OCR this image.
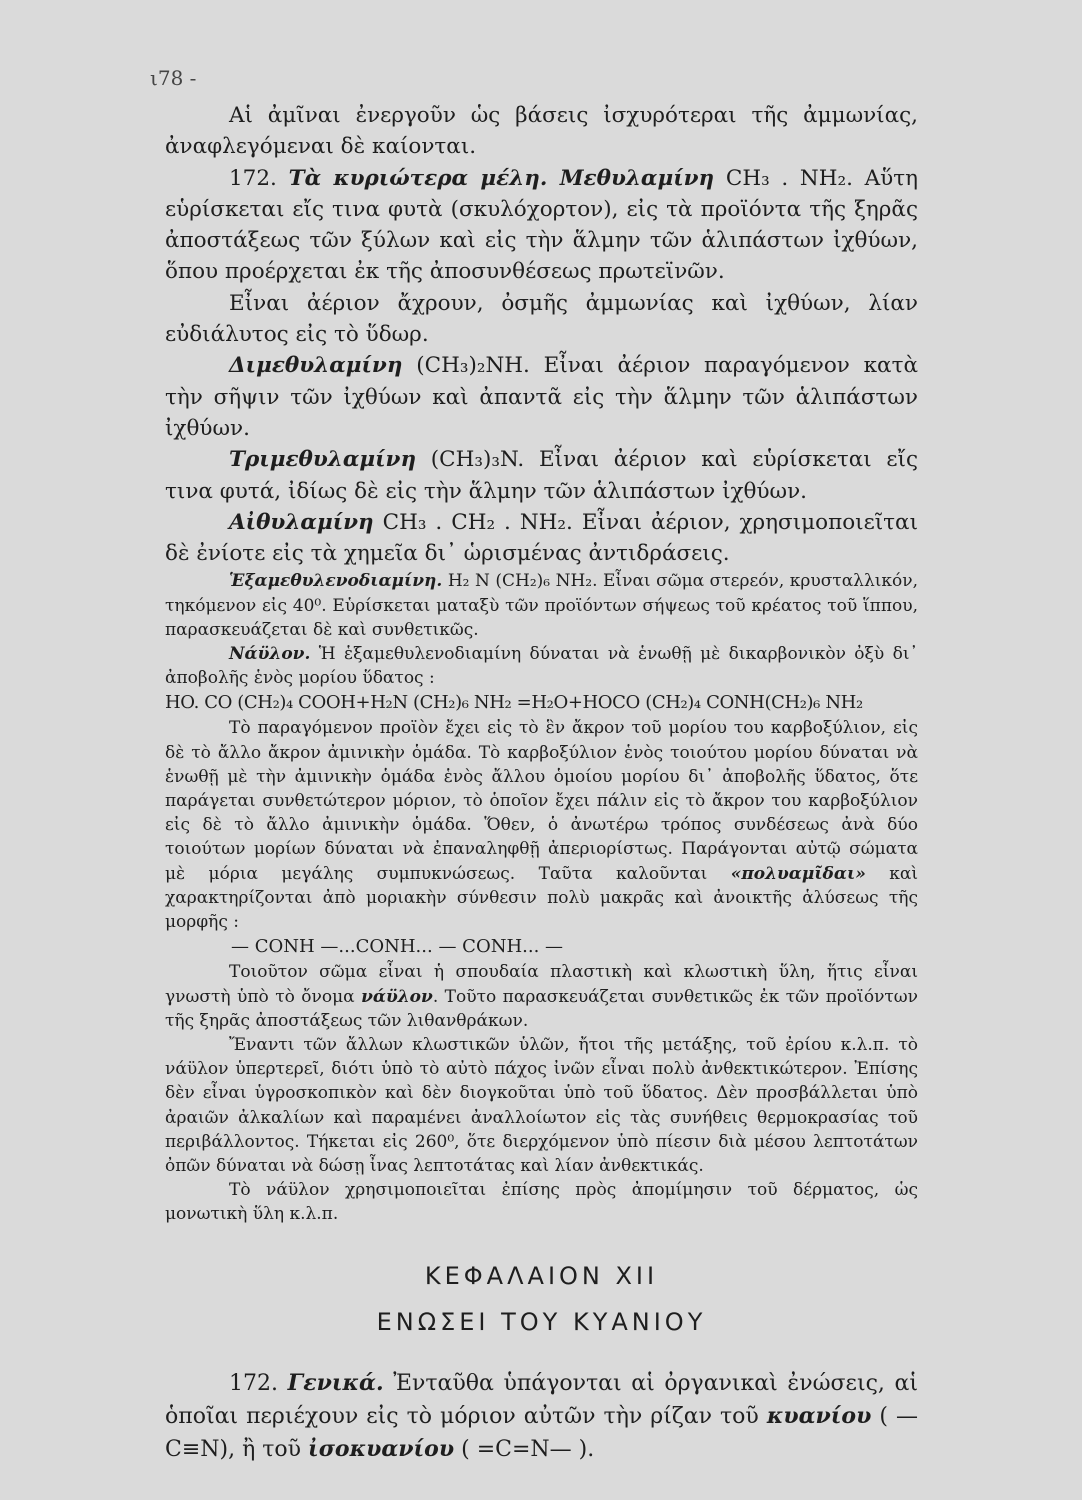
ι78 -

Αἱ ἀμῖναι ἐνεργοῦν ὡς βάσεις ἰσχυρότεραι τῆς ἀμμωνίας, ἀναφλεγόμεναι δὲ καίονται.

172. Τὰ κυριώτερα μέλη. Μεθυλαμίνη CH₃ . NH₂. Αὕτη εὑρίσκεται εἴς τινα φυτὰ (σκυλόχορτον), εἰς τὰ προϊόντα τῆς ξηρᾶς ἀποστάξεως τῶν ξύλων καὶ εἰς τὴν ἅλμην τῶν ἁλιπάστων ἰχθύων, ὅπου προέρχεται ἐκ τῆς ἀποσυνθέσεως πρωτεϊνῶν.

Εἶναι ἀέριον ἄχρουν, ὀσμῆς ἀμμωνίας καὶ ἰχθύων, λίαν εὐδιάλυτος εἰς τὸ ὕδωρ.

Διμεθυλαμίνη (CH₃)₂NH. Εἶναι ἀέριον παραγόμενον κατὰ τὴν σῆψιν τῶν ἰχθύων καὶ ἀπαντᾶ εἰς τὴν ἅλμην τῶν ἁλιπάστων ἰχθύων.

Τριμεθυλαμίνη (CH₃)₃N. Εἶναι ἀέριον καὶ εὑρίσκεται εἴς τινα φυτά, ἰδίως δὲ εἰς τὴν ἅλμην τῶν ἁλιπάστων ἰχθύων.

Αἰθυλαμίνη CH₃ . CH₂ . NH₂. Εἶναι ἀέριον, χρησιμοποιεῖται δὲ ἐνίοτε εἰς τὰ χημεῖα δι᾽ ὡρισμένας ἀντιδράσεις.

Ἑξαμεθυλενοδιαμίνη. H₂ N (CH₂)₆ NH₂. Εἶναι σῶμα στερεόν, κρυσταλλικόν, τηκόμενον εἰς 40⁰. Εὑρίσκεται ματαξὺ τῶν προϊόντων σήψεως τοῦ κρέατος τοῦ ἵππου, παρασκευάζεται δὲ καὶ συνθετικῶς.

Νάϋλον. Ἡ ἑξαμεθυλενοδιαμίνη δύναται νὰ ἑνωθῇ μὲ δικαρβονικὸν ὀξὺ δι᾽ ἀποβολῆς ἑνὸς μορίου ὕδατος :

HO. CO (CH₂)₄ COOH+H₂N (CH₂)₆ NH₂ =H₂O+HOCO (CH₂)₄ CONH(CH₂)₆ NH₂

Τὸ παραγόμενον προϊὸν ἔχει εἰς τὸ ἓν ἄκρον τοῦ μορίου του καρβοξύλιον, εἰς δὲ τὸ ἄλλο ἄκρον ἀμινικὴν ὁμάδα. Τὸ καρβοξύλιον ἑνὸς τοιούτου μορίου δύναται νὰ ἑνωθῇ μὲ τὴν ἀμινικὴν ὁμάδα ἑνὸς ἄλλου ὁμοίου μορίου δι᾽ ἀποβολῆς ὕδατος, ὅτε παράγεται συνθετώτερον μόριον, τὸ ὁποῖον ἔχει πάλιν εἰς τὸ ἄκρον του καρβοξύλιον εἰς δὲ τὸ ἄλλο ἀμινικὴν ὁμάδα. Ὅθεν, ὁ ἀνωτέρω τρόπος συνδέσεως ἀνὰ δύο τοιούτων μορίων δύναται νὰ ἐπαναληφθῇ ἀπεριορίστως. Παράγονται αὐτῷ σώματα μὲ μόρια μεγάλης συμπυκνώσεως. Ταῦτα καλοῦνται «πολυαμῖδαι» καὶ χαρακτηρίζονται ἀπὸ μοριακὴν σύνθεσιν πολὺ μακρᾶς καὶ ἀνοικτῆς ἁλύσεως τῆς μορφῆς :

— CONH —...CONH... — CONH... —

Τοιοῦτον σῶμα εἶναι ἡ σπουδαία πλαστικὴ καὶ κλωστικὴ ὕλη, ἥτις εἶναι γνωστὴ ὑπὸ τὸ ὄνομα νάϋλον. Τοῦτο παρασκευάζεται συνθετικῶς ἐκ τῶν προϊόντων τῆς ξηρᾶς ἀποστάξεως τῶν λιθανθράκων.

Ἔναντι τῶν ἄλλων κλωστικῶν ὑλῶν, ἤτοι τῆς μετάξης, τοῦ ἐρίου κ.λ.π. τὸ νάϋλον ὑπερτερεῖ, διότι ὑπὸ τὸ αὐτὸ πάχος ἰνῶν εἶναι πολὺ ἀνθεκτικώτερον. Ἐπίσης δὲν εἶναι ὑγροσκοπικὸν καὶ δὲν διογκοῦται ὑπὸ τοῦ ὕδατος. Δὲν προσβάλλεται ὑπὸ ἀραιῶν ἀλκαλίων καὶ παραμένει ἀναλλοίωτον εἰς τὰς συνήθεις θερμοκρασίας τοῦ περιβάλλοντος. Τήκεται εἰς 260⁰, ὅτε διερχόμενον ὑπὸ πίεσιν διὰ μέσου λεπτοτάτων ὀπῶν δύναται νὰ δώσῃ ἶνας λεπτοτάτας καὶ λίαν ἀνθεκτικάς.

Τὸ νάϋλον χρησιμοποιεῖται ἐπίσης πρὸς ἀπομίμησιν τοῦ δέρματος, ὡς μονωτικὴ ὕλη κ.λ.π.

ΚΕΦΑΛΑΙΟΝ XII

ΕΝΩΣΕΙ ΤΟΥ ΚΥΑΝΙΟΥ

172. Γενικά. Ἐνταῦθα ὑπάγονται αἱ ὀργανικαὶ ἐνώσεις, αἱ ὁποῖαι περιέχουν εἰς τὸ μόριον αὐτῶν τὴν ρίζαν τοῦ κυανίου ( —C≡N), ἢ τοῦ ἰσοκυανίου ( =C=N— ).
